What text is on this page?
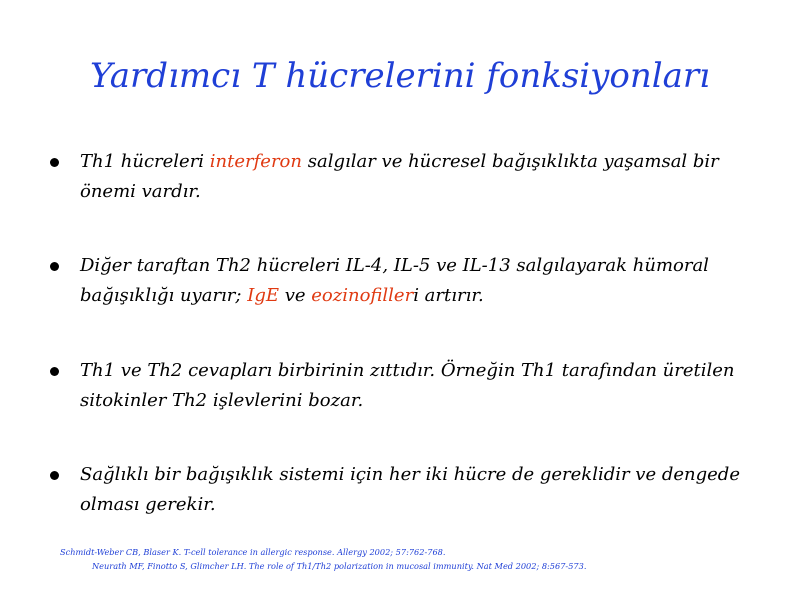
Yardımcı T hücrelerini fonksiyonları
Th1 hücreleri interferon salgılar ve hücresel bağışıklıkta yaşamsal bir önemi vardır.
Diğer taraftan Th2 hücreleri IL-4, IL-5 ve IL-13 salgılayarak hümoral bağışıklığı uyarır; IgE ve eozinofilleri artırır.
Th1 ve Th2 cevapları birbirinin zıttıdır. Örneğin Th1 tarafından üretilen sitokinler Th2 işlevlerini bozar.
Sağlıklı bir bağışıklık sistemi için her iki hücre de gereklidir ve dengede olması gerekir.
Schmidt-Weber CB, Blaser K. T-cell tolerance in allergic response. Allergy 2002; 57:762-768.
Neurath MF, Finotto S, Glimcher LH. The role of Th1/Th2 polarization in mucosal immunity. Nat Med 2002; 8:567-573.
